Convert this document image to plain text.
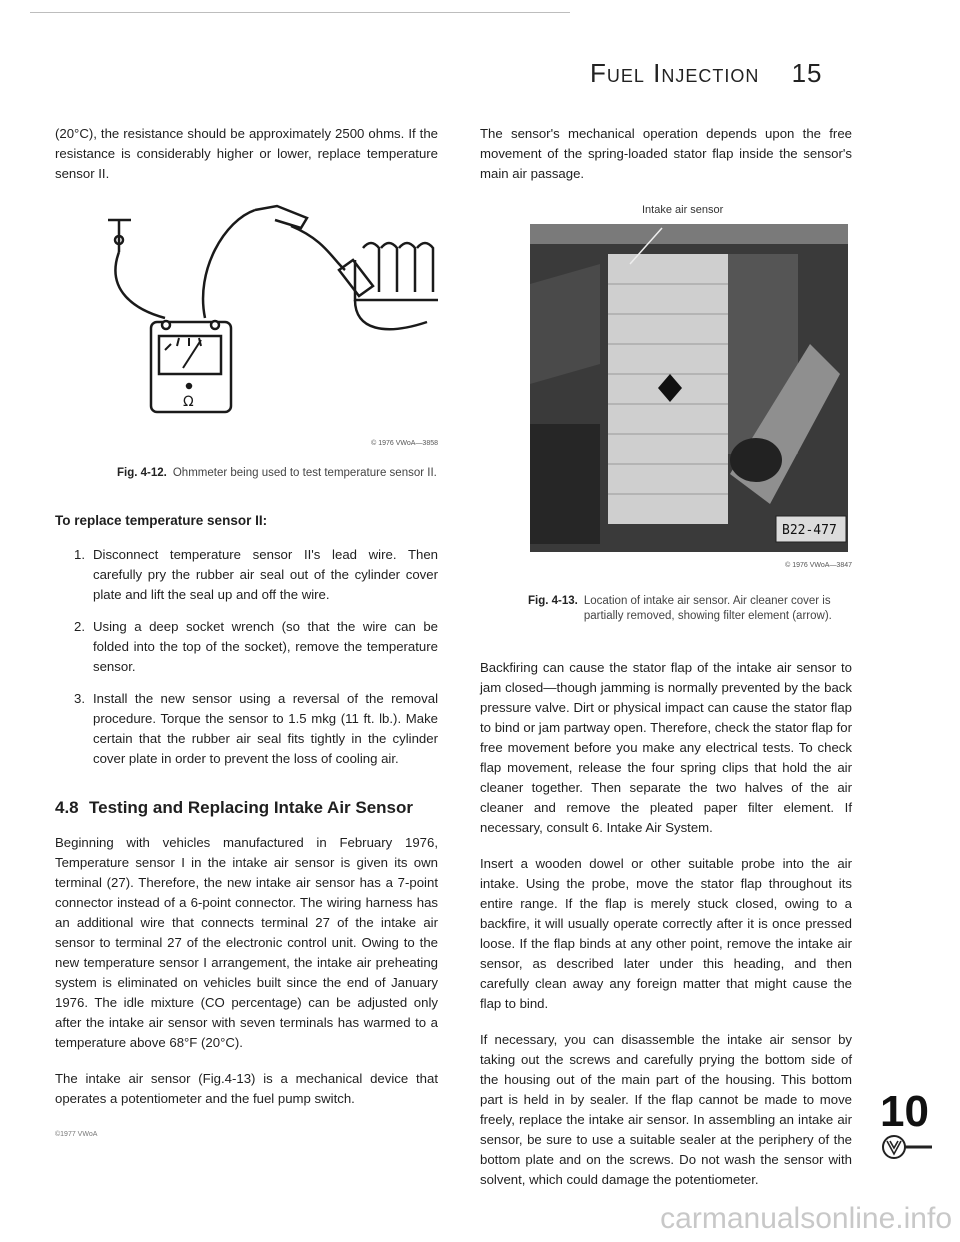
Fuel Injection 15

(20°C), the resistance should be approximately 2500 ohms. If the resistance is considerably higher or lower, replace temperature sensor II.

Ω
© 1976 VWoA—3858
Fig. 4-12. Ohmmeter being used to test temperature sensor II.
To replace temperature sensor II:
1. Disconnect temperature sensor II's lead wire. Then carefully pry the rubber air seal out of the cylinder cover plate and lift the seal up and off the wire.
2. Using a deep socket wrench (so that the wire can be folded into the top of the socket), remove the temperature sensor.
3. Install the new sensor using a reversal of the removal procedure. Torque the sensor to 1.5 mkg (11 ft. lb.). Make certain that the rubber air seal fits tightly in the cylinder cover plate in order to prevent the loss of cooling air.
4.8 Testing and Replacing Intake Air Sensor

Beginning with vehicles manufactured in February 1976, Temperature sensor I in the intake air sensor is given its own terminal (27). Therefore, the new intake air sensor has a 7-point connector instead of a 6-point connector. The wiring harness has an additional wire that connects terminal 27 of the intake air sensor to terminal 27 of the electronic control unit. Owing to the new temperature sensor I arrangement, the intake air preheating system is eliminated on vehicles built since the end of January 1976. The idle mixture (CO percentage) can be adjusted only after the intake air sensor with seven terminals has warmed to a temperature above 68°F (20°C).

The intake air sensor (Fig.4-13) is a mechanical device that operates a potentiometer and the fuel pump switch.

©1977 VWoA

The sensor's mechanical operation depends upon the free movement of the spring-loaded stator flap inside the sensor's main air passage.

Intake air sensor
B22-477
© 1976 VWoA—3847
Fig. 4-13. Location of intake air sensor. Air cleaner cover is partially removed, showing filter element (arrow).

Backfiring can cause the stator flap of the intake air sensor to jam closed—though jamming is normally prevented by the back pressure valve. Dirt or physical impact can cause the stator flap to bind or jam partway open. Therefore, check the stator flap for free movement before you make any electrical tests. To check flap movement, release the four spring clips that hold the air cleaner together. Then separate the two halves of the air cleaner and remove the pleated paper filter element. If necessary, consult 6. Intake Air System.

Insert a wooden dowel or other suitable probe into the air intake. Using the probe, move the stator flap throughout its entire range. If the flap is merely stuck closed, owing to a backfire, it will usually operate correctly after it is once pressed loose. If the flap binds at any other point, remove the intake air sensor, as described later under this heading, and then carefully clean away any foreign matter that might cause the flap to bind.

If necessary, you can disassemble the intake air sensor by taking out the screws and carefully prying the bottom side of the housing out of the main part of the housing. This bottom part is held in by sealer. If the flap cannot be made to move freely, replace the intake air sensor. In assembling an intake air sensor, be sure to use a suitable sealer at the periphery of the bottom plate and on the screws. Do not wash the sensor with solvent, which could damage the potentiometer.

10
carmanualsonline.info
